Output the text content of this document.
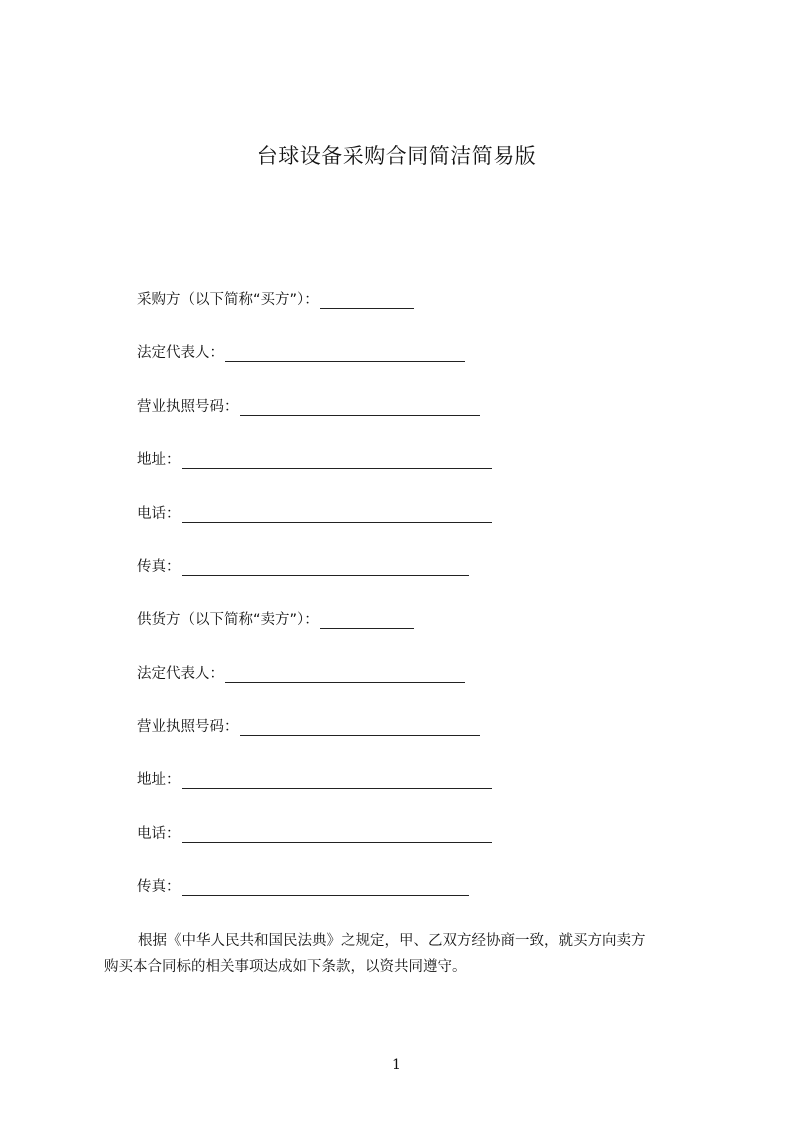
台球设备采购合同简洁简易版
采购方（以下简称“买方”）：
法定代表人：
营业执照号码：
地址：
电话：
传真：
供货方（以下简称“卖方”）：
法定代表人：
营业执照号码：
地址：
电话：
传真：
根据《中华人民共和国民法典》之规定，甲、乙双方经协商一致，就买方向卖方
购买本合同标的相关事项达成如下条款，以资共同遵守。
1
